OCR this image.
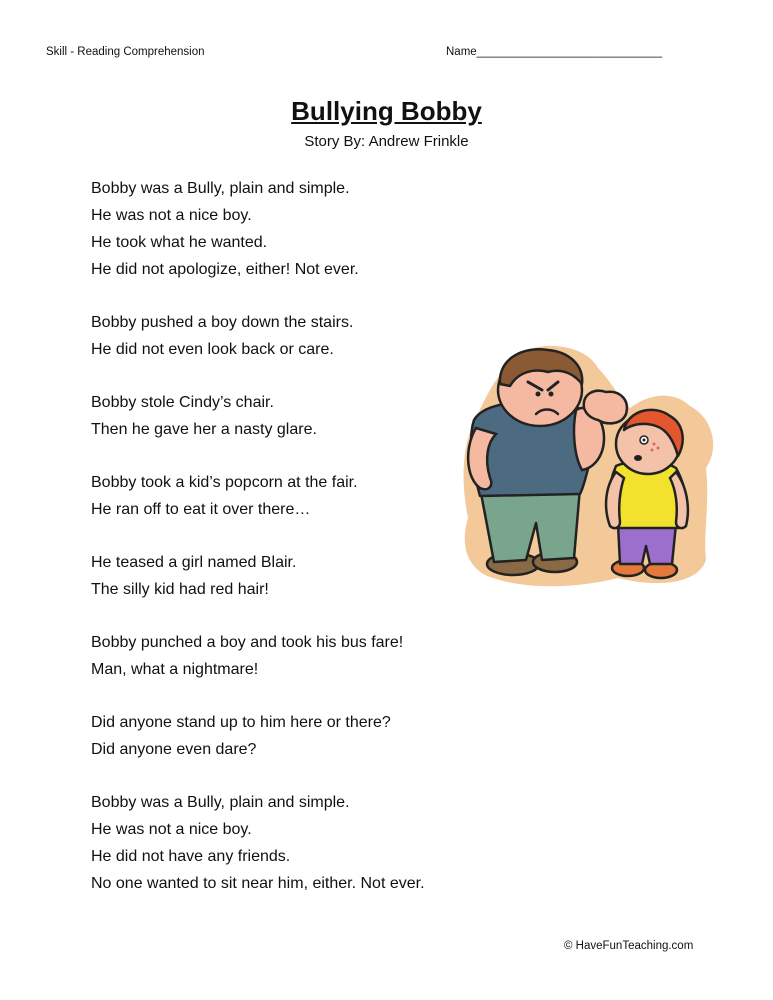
Skill - Reading Comprehension	Name_____________________________
Bullying Bobby
Story By: Andrew Frinkle
Bobby was a Bully, plain and simple.
He was not a nice boy.
He took what he wanted.
He did not apologize, either! Not ever.
Bobby pushed a boy down the stairs.
He did not even look back or care.
Bobby stole Cindy’s chair.
Then he gave her a nasty glare.
Bobby took a kid’s popcorn at the fair.
He ran off to eat it over there…
He teased a girl named Blair.
The silly kid had red hair!
Bobby punched a boy and took his bus fare!
Man, what a nightmare!
Did anyone stand up to him here or there?
Did anyone even dare?
Bobby was a Bully, plain and simple.
He was not a nice boy.
He did not have any friends.
No one wanted to sit near him, either. Not ever.
© HaveFunTeaching.com
